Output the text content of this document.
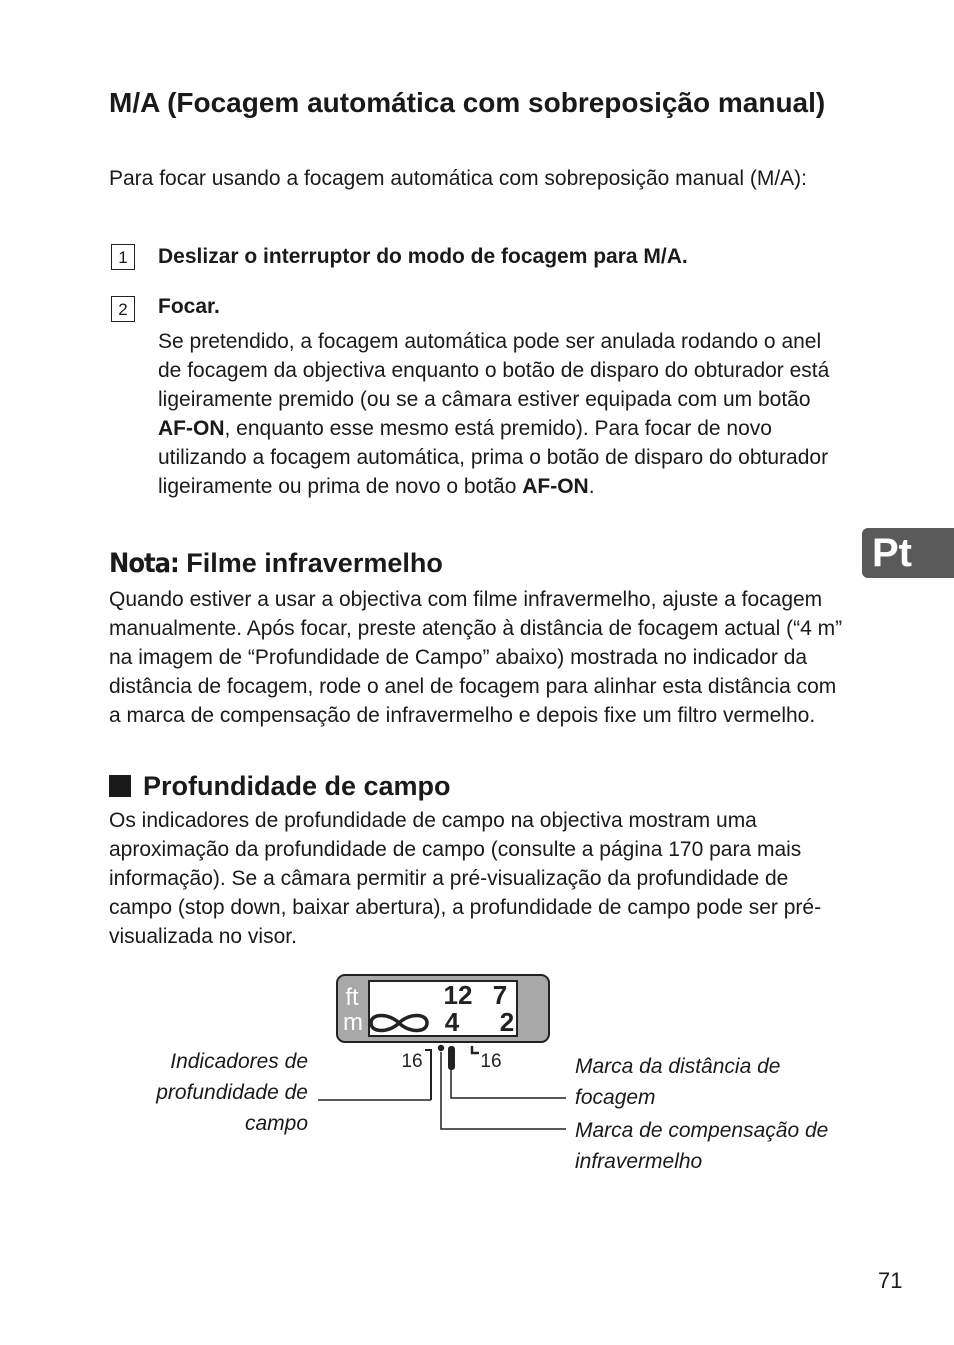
M/A (Focagem automática com sobreposição manual)
Para focar usando a focagem automática com sobreposição manual (M/A):
1	Deslizar o interruptor do modo de focagem para M/A.
2	Focar.
Se pretendido, a focagem automática pode ser anulada rodando o anel de focagem da objectiva enquanto o botão de disparo do obturador está ligeiramente premido (ou se a câmara estiver equipada com um botão AF-ON, enquanto esse mesmo está premido). Para focar de novo utilizando a focagem automática, prima o botão de disparo do obturador ligeiramente ou prima de novo o botão AF-ON.
Pt
Nota: Filme infravermelho
Quando estiver a usar a objectiva com filme infravermelho, ajuste a focagem manualmente. Após focar, preste atenção à distância de focagem actual (“4 m” na imagem de “Profundidade de Campo” abaixo) mostrada no indicador da distância de focagem, rode o anel de focagem para alinhar esta distância com a marca de compensação de infravermelho e depois fixe um filtro vermelho.
Profundidade de campo
Os indicadores de profundidade de campo na objectiva mostram uma aproximação da profundidade de campo (consulte a página 170 para mais informação). Se a câmara permitir a pré-visualização da profundidade de campo (stop down, baixar abertura), a profundidade de campo pode ser pré-visualizada no visor.
ft
m
12 7
4 2
16	16
Indicadores de profundidade de campo
Marca da distância de focagem
Marca de compensação de infravermelho
71
